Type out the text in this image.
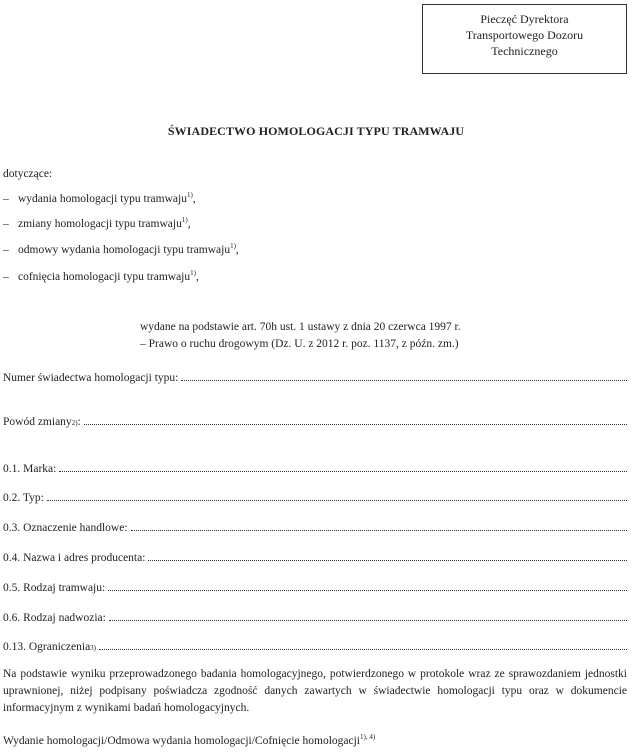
Pieczęć Dyrektora
Transportowego Dozoru
Technicznego
ŚWIADECTWO HOMOLOGACJI TYPU TRAMWAJU
dotyczące:
– wydania homologacji typu tramwaju$^{1)}$,
– zmiany homologacji typu tramwaju$^{1)}$,
– odmowy wydania homologacji typu tramwaju$^{1)}$,
– cofnięcia homologacji typu tramwaju$^{1)}$,
wydane na podstawie art. 70h ust. 1 ustawy z dnia 20 czerwca 1997 r.
– Prawo o ruchu drogowym (Dz. U. z 2012 r. poz. 1137, z późn. zm.)
Numer świadectwa homologacji typu:
Powód zmiany 2) :
0.1. Marka:
0.2. Typ:
0.3. Oznaczenie handlowe:
0.4. Nazwa i adres producenta:
0.5. Rodzaj tramwaju:
0.6. Rodzaj nadwozia:
0.13. Ograniczenia 3)
Na podstawie wyniku przeprowadzonego badania homologacyjnego, potwierdzonego w protokole wraz ze sprawozdaniem jednostki uprawnionej, niżej podpisany poświadcza zgodność danych zawartych w świadectwie homologacji typu oraz w dokumencie informacyjnym z wynikami badań homologacyjnych.
Wydanie homologacji/Odmowa wydania homologacji/Cofnięcie homologacji$^{1), 4)}$
